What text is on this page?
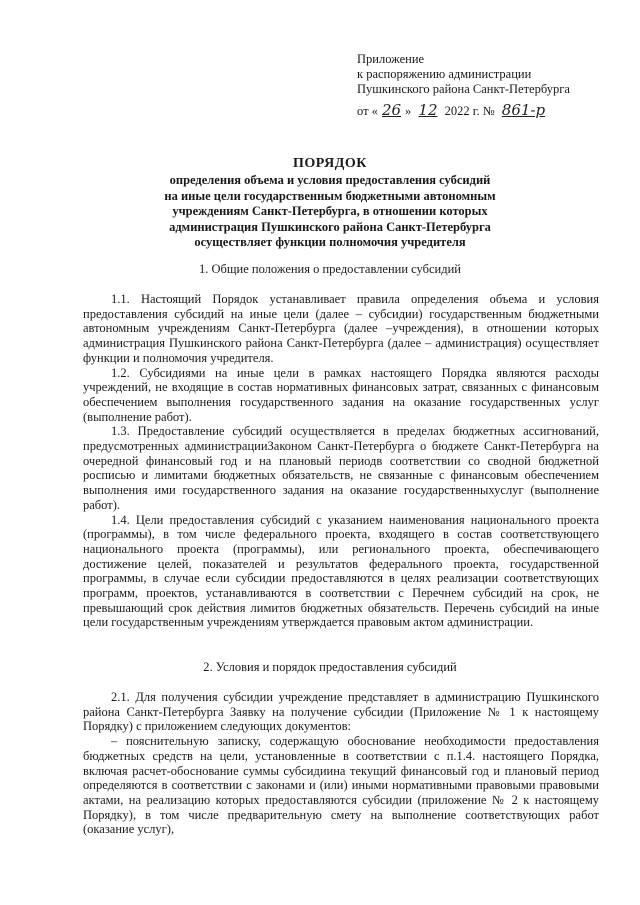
Приложение
к распоряжению администрации
Пушкинского района Санкт-Петербурга
от « 26 » 12 2022 г. № 861-р
ПОРЯДОК
определения объема и условия предоставления субсидий
на иные цели государственным бюджетными автономным
учреждениям Санкт-Петербурга, в отношении которых
администрация Пушкинского района Санкт-Петербурга
осуществляет функции полномочия учредителя
1. Общие положения о предоставлении субсидий

1.1. Настоящий Порядок устанавливает правила определения объема и условия предоставления субсидий на иные цели (далее – субсидии) государственным бюджетными автономным учреждениям Санкт-Петербурга (далее –учреждения), в отношении которых администрация Пушкинского района Санкт-Петербурга (далее – администрация) осуществляет функции и полномочия учредителя.

1.2. Субсидиями на иные цели в рамках настоящего Порядка являются расходы учреждений, не входящие в состав нормативных финансовых затрат, связанных с финансовым обеспечением выполнения государственного задания на оказание государственных услуг (выполнение работ).

1.3. Предоставление субсидий осуществляется в пределах бюджетных ассигнований, предусмотренных администрацииЗаконом Санкт-Петербурга о бюджете Санкт-Петербурга на очередной финансовый год и на плановый периодв соответствии со сводной бюджетной росписью и лимитами бюджетных обязательств, не связанные с финансовым обеспечением выполнения ими государственного задания на оказание государственныхуслуг (выполнение работ).

1.4. Цели предоставления субсидий с указанием наименования национального проекта (программы), в том числе федерального проекта, входящего в состав соответствующего национального проекта (программы), или регионального проекта, обеспечивающего достижение целей, показателей и результатов федерального проекта, государственной программы, в случае если субсидии предоставляются в целях реализации соответствующих программ, проектов, устанавливаются в соответствии с Перечнем субсидий на срок, не превышающий срок действия лимитов бюджетных обязательств. Перечень субсидий на иные цели государственным учреждениям утверждается правовым актом администрации.

2. Условия и порядок предоставления субсидий

2.1. Для получения субсидии учреждение представляет в администрацию Пушкинского района Санкт-Петербурга Заявку на получение субсидии (Приложение № 1 к настоящему Порядку) с приложением следующих документов:

– пояснительную записку, содержащую обоснование необходимости предоставления бюджетных средств на цели, установленные в соответствии с п.1.4. настоящего Порядка, включая расчет-обоснование суммы субсидиина текущий финансовый год и плановый период определяются в соответствии с законами и (или) иными нормативными правовыми правовыми актами, на реализацию которых предоставляются субсидии (приложение № 2 к настоящему Порядку), в том числе предварительную смету на выполнение соответствующих работ (оказание услуг),
